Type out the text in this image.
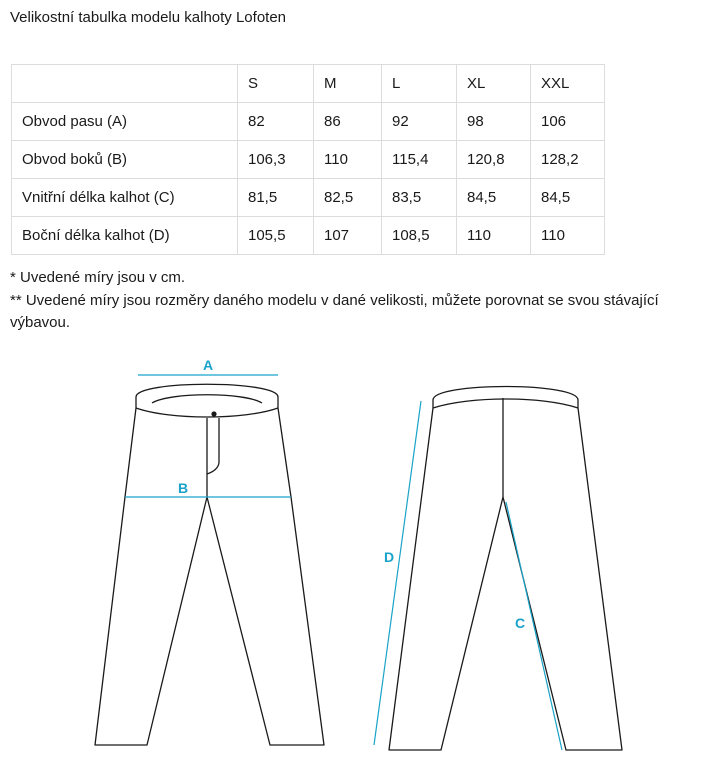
Velikostní tabulka modelu kalhoty Lofoten
	S	M	L	XL	XXL
Obvod pasu (A)	82	86	92	98	106
Obvod boků (B)	106,3	110	115,4	120,8	128,2
Vnitřní délka kalhot (C)	81,5	82,5	83,5	84,5	84,5
Boční délka kalhot (D)	105,5	107	108,5	110	110
* Uvedené míry jsou v cm.
** Uvedené míry jsou rozměry daného modelu v dané velikosti, můžete porovnat se svou stávající výbavou.
A
B
C
D
